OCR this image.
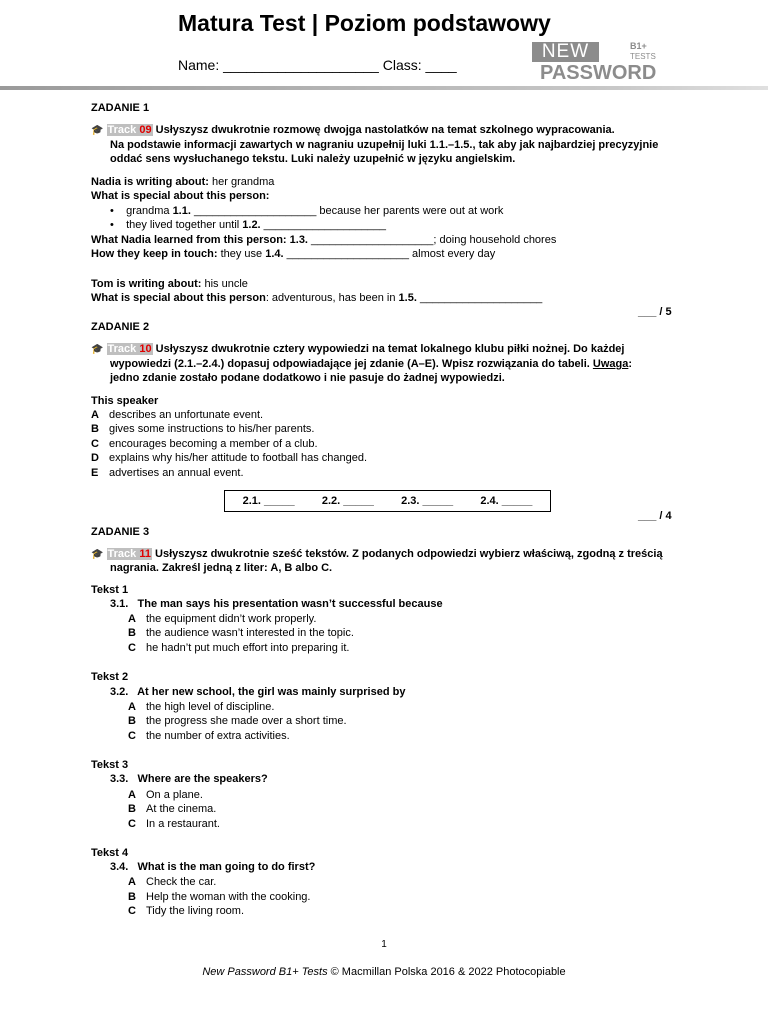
Matura Test | Poziom podstawowy
Name: ____________________ Class: ____
NEW	B1+
TESTS
PASSWORD
ZADANIE 1
🎓 Track 09 Usłyszysz dwukrotnie rozmowę dwojga nastolatków na temat szkolnego wypracowania.
Na podstawie informacji zawartych w nagraniu uzupełnij luki 1.1.–1.5., tak aby jak najbardziej precyzyjnie
oddać sens wysłuchanego tekstu. Luki należy uzupełnić w języku angielskim.
Nadia is writing about: her grandma
What is special about this person:
•    grandma 1.1. ____________________ because her parents were out at work
•    they lived together until 1.2. ____________________
What Nadia learned from this person: 1.3. ____________________; doing household chores
How they keep in touch: they use 1.4. ____________________ almost every day
Tom is writing about: his uncle
What is special about this person: adventurous, has been in 1.5. ____________________
___ / 5
ZADANIE 2
🎓 Track 10 Usłyszysz dwukrotnie cztery wypowiedzi na temat lokalnego klubu piłki nożnej. Do każdej
wypowiedzi (2.1.–2.4.) dopasuj odpowiadające jej zdanie (A–E). Wpisz rozwiązania do tabeli. Uwaga:
jedno zdanie zostało podane dodatkowo i nie pasuje do żadnej wypowiedzi.
This speaker
A describes an unfortunate event.
B gives some instructions to his/her parents.
C encourages becoming a member of a club.
D explains why his/her attitude to football has changed.
E advertises an annual event.
2.1. _____ 2.2. _____ 2.3. _____ 2.4. _____
___ / 4
ZADANIE 3
🎓 Track 11 Usłyszysz dwukrotnie sześć tekstów. Z podanych odpowiedzi wybierz właściwą, zgodną z treścią
nagrania. Zakreśl jedną z liter: A, B albo C.
Tekst 1
3.1.   The man says his presentation wasn’t successful because
A the equipment didn’t work properly.
B the audience wasn’t interested in the topic.
C he hadn’t put much effort into preparing it.
Tekst 2
3.2.   At her new school, the girl was mainly surprised by
A the high level of discipline.
B the progress she made over a short time.
C the number of extra activities.
Tekst 3
3.3.   Where are the speakers?
A On a plane.
B At the cinema.
C In a restaurant.
Tekst 4
3.4.   What is the man going to do first?
A Check the car.
B Help the woman with the cooking.
C Tidy the living room.
1
New Password B1+ Tests © Macmillan Polska 2016 & 2022 Photocopiable
